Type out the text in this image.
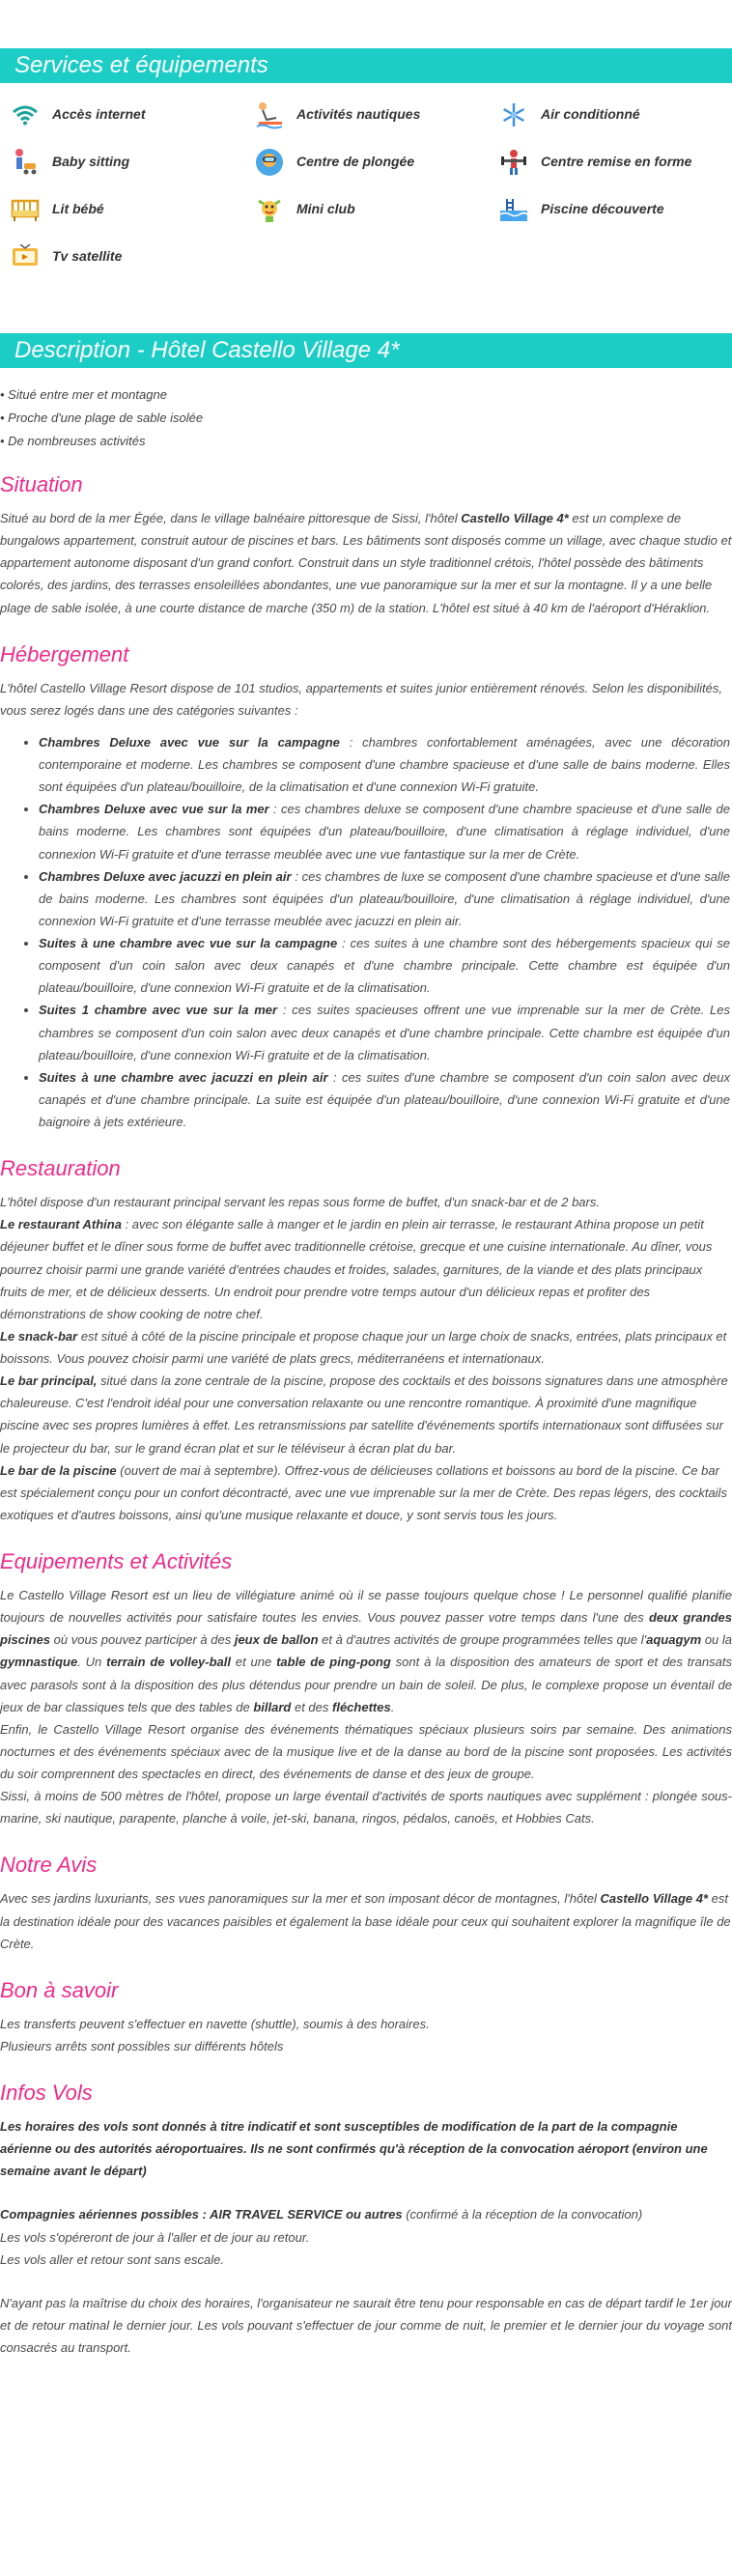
Services et équipements
Accès internet	Activités nautiques	Air conditionné
Baby sitting	Centre de plongée	Centre remise en forme
Lit bébé	Mini club	Piscine découverte
Tv satellite
Description - Hôtel Castello Village 4*
• Situé entre mer et montagne
• Proche d'une plage de sable isolée
• De nombreuses activités
Situation

Situé au bord de la mer Égée, dans le village balnéaire pittoresque de Sissi, l'hôtel Castello Village 4* est un complexe de bungalows appartement, construit autour de piscines et bars. Les bâtiments sont disposés comme un village, avec chaque studio et appartement autonome disposant d'un grand confort. Construit dans un style traditionnel crétois, l'hôtel possède des bâtiments colorés, des jardins, des terrasses ensoleillées abondantes, une vue panoramique sur la mer et sur la montagne. Il y a une belle plage de sable isolée, à une courte distance de marche (350 m) de la station. L'hôtel est situé à 40 km de l'aéroport d'Héraklion.

Hébergement

L'hôtel Castello Village Resort dispose de 101 studios, appartements et suites junior entièrement rénovés. Selon les disponibilités, vous serez logés dans une des catégories suivantes :

• Chambres Deluxe avec vue sur la campagne : chambres confortablement aménagées, avec une décoration contemporaine et moderne. Les chambres se composent d'une chambre spacieuse et d'une salle de bains moderne. Elles sont équipées d'un plateau/bouilloire, de la climatisation et d'une connexion Wi-Fi gratuite.
• Chambres Deluxe avec vue sur la mer : ces chambres deluxe se composent d'une chambre spacieuse et d'une salle de bains moderne. Les chambres sont équipées d'un plateau/bouilloire, d'une climatisation à réglage individuel, d'une connexion Wi-Fi gratuite et d'une terrasse meublée avec une vue fantastique sur la mer de Crète.
• Chambres Deluxe avec jacuzzi en plein air : ces chambres de luxe se composent d'une chambre spacieuse et d'une salle de bains moderne. Les chambres sont équipées d'un plateau/bouilloire, d'une climatisation à réglage individuel, d'une connexion Wi-Fi gratuite et d'une terrasse meublée avec jacuzzi en plein air.
• Suites à une chambre avec vue sur la campagne : ces suites à une chambre sont des hébergements spacieux qui se composent d'un coin salon avec deux canapés et d'une chambre principale. Cette chambre est équipée d'un plateau/bouilloire, d'une connexion Wi-Fi gratuite et de la climatisation.
• Suites 1 chambre avec vue sur la mer : ces suites spacieuses offrent une vue imprenable sur la mer de Crète. Les chambres se composent d'un coin salon avec deux canapés et d'une chambre principale. Cette chambre est équipée d'un plateau/bouilloire, d'une connexion Wi-Fi gratuite et de la climatisation.
• Suites à une chambre avec jacuzzi en plein air : ces suites d'une chambre se composent d'un coin salon avec deux canapés et d'une chambre principale. La suite est équipée d'un plateau/bouilloire, d'une connexion Wi-Fi gratuite et d'une baignoire à jets extérieure.
Restauration
L'hôtel dispose d'un restaurant principal servant les repas sous forme de buffet, d'un snack-bar et de 2 bars.
Le restaurant Athina : avec son élégante salle à manger et le jardin en plein air terrasse, le restaurant Athina propose un petit déjeuner buffet et le dîner sous forme de buffet avec traditionnelle crétoise, grecque et une cuisine internationale. Au dîner, vous pourrez choisir parmi une grande variété d'entrées chaudes et froides, salades, garnitures, de la viande et des plats principaux fruits de mer, et de délicieux desserts. Un endroit pour prendre votre temps autour d'un délicieux repas et profiter des démonstrations de show cooking de notre chef.
Le snack-bar est situé à côté de la piscine principale et propose chaque jour un large choix de snacks, entrées, plats principaux et boissons. Vous pouvez choisir parmi une variété de plats grecs, méditerranéens et internationaux.
Le bar principal, situé dans la zone centrale de la piscine, propose des cocktails et des boissons signatures dans une atmosphère chaleureuse. C'est l'endroit idéal pour une conversation relaxante ou une rencontre romantique. À proximité d'une magnifique piscine avec ses propres lumières à effet. Les retransmissions par satellite d'événements sportifs internationaux sont diffusées sur le projecteur du bar, sur le grand écran plat et sur le téléviseur à écran plat du bar.
Le bar de la piscine (ouvert de mai à septembre). Offrez-vous de délicieuses collations et boissons au bord de la piscine. Ce bar est spécialement conçu pour un confort décontracté, avec une vue imprenable sur la mer de Crète. Des repas légers, des cocktails exotiques et d'autres boissons, ainsi qu'une musique relaxante et douce, y sont servis tous les jours.
Equipements et Activités
Le Castello Village Resort est un lieu de villégiature animé où il se passe toujours quelque chose ! Le personnel qualifié planifie toujours de nouvelles activités pour satisfaire toutes les envies. Vous pouvez passer votre temps dans l'une des deux grandes piscines où vous pouvez participer à des jeux de ballon et à d'autres activités de groupe programmées telles que l'aquagym ou la gymnastique. Un terrain de volley-ball et une table de ping-pong sont à la disposition des amateurs de sport et des transats avec parasols sont à la disposition des plus détendus pour prendre un bain de soleil. De plus, le complexe propose un éventail de jeux de bar classiques tels que des tables de billard et des fléchettes.
Enfin, le Castello Village Resort organise des événements thématiques spéciaux plusieurs soirs par semaine. Des animations nocturnes et des événements spéciaux avec de la musique live et de la danse au bord de la piscine sont proposées. Les activités du soir comprennent des spectacles en direct, des événements de danse et des jeux de groupe.
Sissi, à moins de 500 mètres de l'hôtel, propose un large éventail d'activités de sports nautiques avec supplément : plongée sous-marine, ski nautique, parapente, planche à voile, jet-ski, banana, ringos, pédalos, canoës, et Hobbies Cats.
Notre Avis

Avec ses jardins luxuriants, ses vues panoramiques sur la mer et son imposant décor de montagnes, l'hôtel Castello Village 4* est la destination idéale pour des vacances paisibles et également la base idéale pour ceux qui souhaitent explorer la magnifique île de Crète.

Bon à savoir
Les transferts peuvent s'effectuer en navette (shuttle), soumis à des horaires.
Plusieurs arrêts sont possibles sur différents hôtels
Infos Vols
Les horaires des vols sont donnés à titre indicatif et sont susceptibles de modification de la part de la compagnie aérienne ou des autorités aéroportuaires. Ils ne sont confirmés qu'à réception de la convocation aéroport (environ une semaine avant le départ)
Compagnies aériennes possibles : AIR TRAVEL SERVICE ou autres (confirmé à la réception de la convocation)
Les vols s'opéreront de jour à l'aller et de jour au retour.
Les vols aller et retour sont sans escale.
N'ayant pas la maîtrise du choix des horaires, l'organisateur ne saurait être tenu pour responsable en cas de départ tardif le 1er jour et de retour matinal le dernier jour. Les vols pouvant s'effectuer de jour comme de nuit, le premier et le dernier jour du voyage sont consacrés au transport.
